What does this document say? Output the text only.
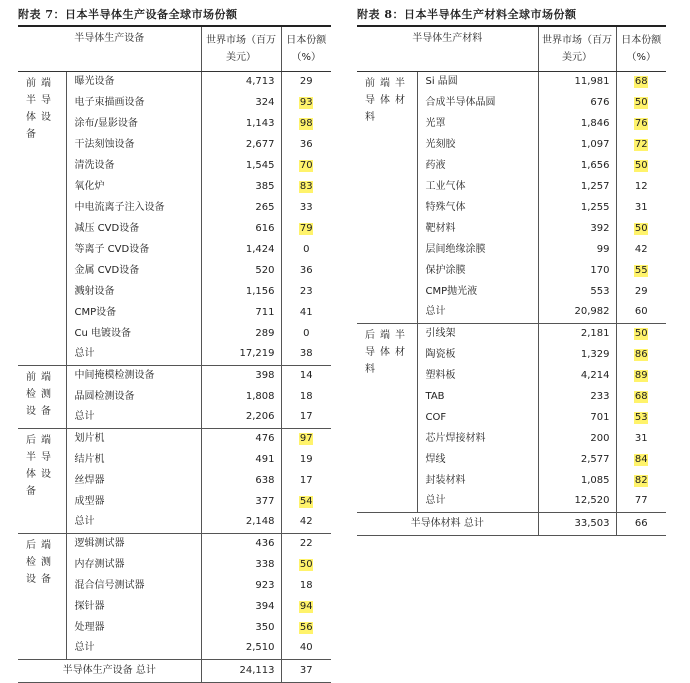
附表 7：日本半导体生产设备全球市场份额
半导体生产设备		世界市场（百万美元）	日本份额（%）
前端半导体设备	曝光设备	4,713	29
	电子束描画设备	324	93
	涂布/显影设备	1,143	98
	干法刻蚀设备	2,677	36
	清洗设备	1,545	70
	氧化炉	385	83
	中电流离子注入设备	265	33
	减压 CVD设备	616	79
	等离子 CVD设备	1,424	0
	金属 CVD设备	520	36
	溅射设备	1,156	23
	CMP设备	711	41
	Cu 电镀设备	289	0
	总计	17,219	38
前端检测设备	中间掩模检测设备	398	14
	晶圆检测设备	1,808	18
	总计	2,206	17
后端半导体设备	划片机	476	97
	结片机	491	19
	丝焊器	638	17
	成型器	377	54
	总计	2,148	42
后端检测设备	逻辑测试器	436	22
	内存测试器	338	50
	混合信号测试器	923	18
	探针器	394	94
	处理器	350	56
	总计	2,510	40
半导体生产设备 总计		24,113	37
附表 8：日本半导体生产材料全球市场份额
半导体生产材料		世界市场（百万美元）	日本份额（%）
前端半导体材料	Si 晶圆	11,981	68
	合成半导体晶圆	676	50
	光罩	1,846	76
	光刻胶	1,097	72
	药液	1,656	50
	工业气体	1,257	12
	特殊气体	1,255	31
	靶材料	392	50
	层间绝缘涂膜	99	42
	保护涂膜	170	55
	CMP抛光液	553	29
	总计	20,982	60
后端半导体材料	引线架	2,181	50
	陶瓷板	1,329	86
	塑料板	4,214	89
	TAB	233	68
	COF	701	53
	芯片焊接材料	200	31
	焊线	2,577	84
	封装材料	1,085	82
	总计	12,520	77
半导体材料 总计		33,503	66
